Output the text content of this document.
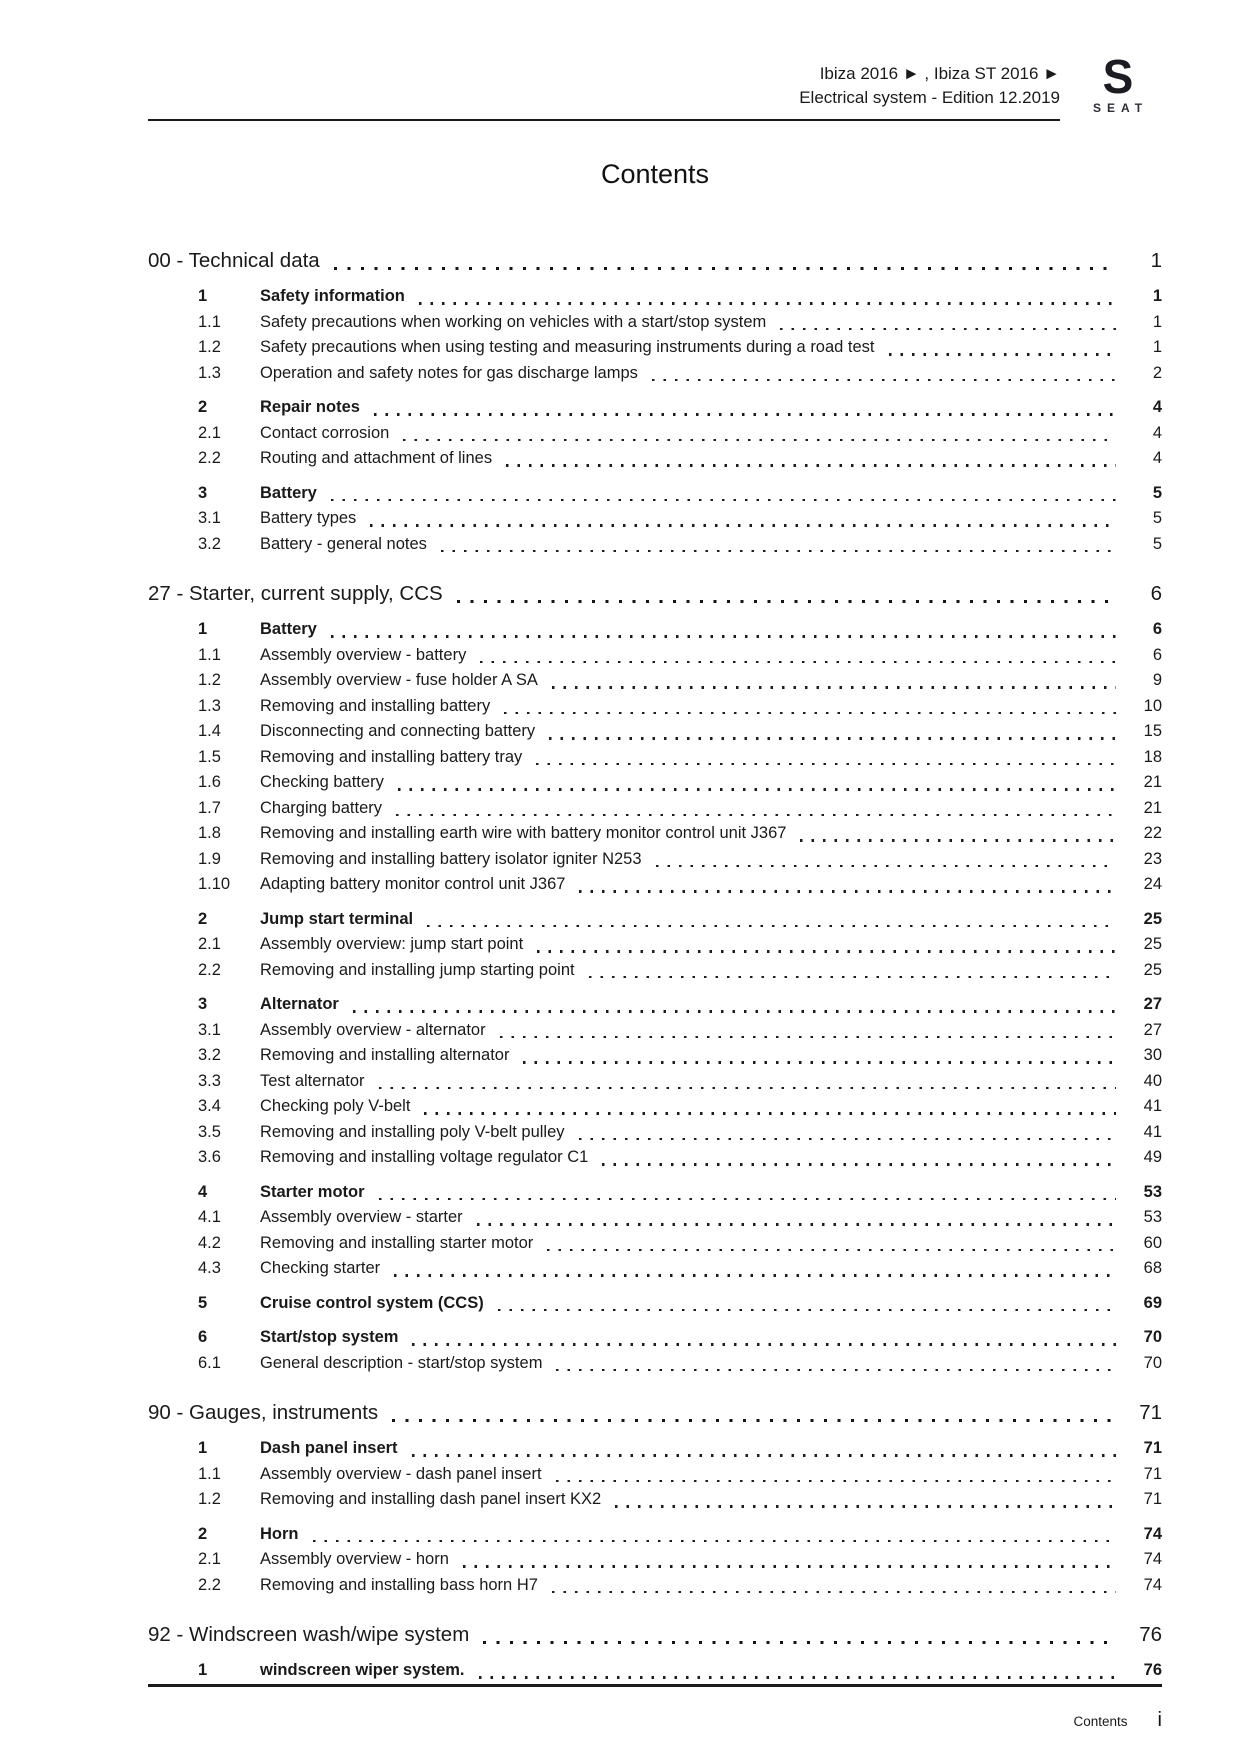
Ibiza 2016 ► , Ibiza ST 2016 ►
Electrical system - Edition 12.2019 S
SEAT
Contents
00 - Technical data	1
1	Safety information	1
1.1	Safety precautions when working on vehicles with a start/stop system	1
1.2	Safety precautions when using testing and measuring instruments during a road test	1
1.3	Operation and safety notes for gas discharge lamps	2
2	Repair notes	4
2.1	Contact corrosion	4
2.2	Routing and attachment of lines	4
3	Battery	5
3.1	Battery types	5
3.2	Battery - general notes	5
27 - Starter, current supply, CCS	6
1	Battery	6
1.1	Assembly overview - battery	6
1.2	Assembly overview - fuse holder A SA	9
1.3	Removing and installing battery	10
1.4	Disconnecting and connecting battery	15
1.5	Removing and installing battery tray	18
1.6	Checking battery	21
1.7	Charging battery	21
1.8	Removing and installing earth wire with battery monitor control unit J367	22
1.9	Removing and installing battery isolator igniter N253	23
1.10	Adapting battery monitor control unit J367	24
2	Jump start terminal	25
2.1	Assembly overview: jump start point	25
2.2	Removing and installing jump starting point	25
3	Alternator	27
3.1	Assembly overview - alternator	27
3.2	Removing and installing alternator	30
3.3	Test alternator	40
3.4	Checking poly V-belt	41
3.5	Removing and installing poly V-belt pulley	41
3.6	Removing and installing voltage regulator C1	49
4	Starter motor	53
4.1	Assembly overview - starter	53
4.2	Removing and installing starter motor	60
4.3	Checking starter	68
5	Cruise control system (CCS)	69
6	Start/stop system	70
6.1	General description - start/stop system	70
90 - Gauges, instruments	71
1	Dash panel insert	71
1.1	Assembly overview - dash panel insert	71
1.2	Removing and installing dash panel insert KX2	71
2	Horn	74
2.1	Assembly overview - horn	74
2.2	Removing and installing bass horn H7	74
92 - Windscreen wash/wipe system	76
1	windscreen wiper system.	76
Contents i
